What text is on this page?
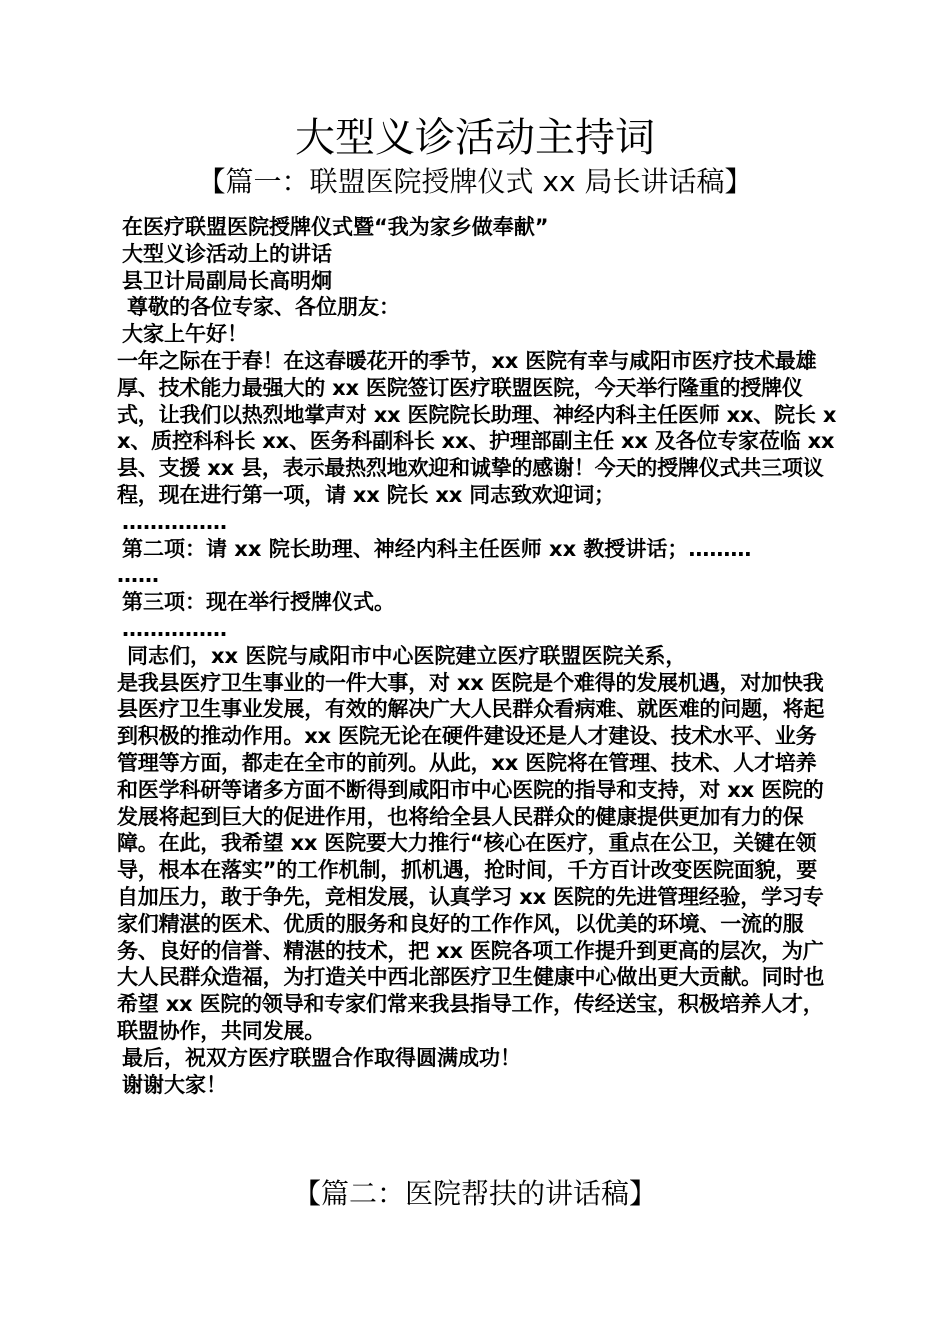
大型义诊活动主持词
【篇一：联盟医院授牌仪式 xx 局长讲话稿】

在医疗联盟医院授牌仪式暨“我为家乡做奉献”

大型义诊活动上的讲话

县卫计局副局长高明炯

尊敬的各位专家、各位朋友：

大家上午好！

一年之际在于春！在这春暖花开的季节，xx 医院有幸与咸阳市医疗技术最雄厚、技术能力最强大的 xx 医院签订医疗联盟医院，今天举行隆重的授牌仪式，让我们以热烈地掌声对 xx 医院院长助理、神经内科主任医师 xx、院长 xx、质控科科长 xx、医务科副科长 xx、护理部副主任 xx 及各位专家莅临 xx 县、支援 xx 县，表示最热烈地欢迎和诚挚的感谢！今天的授牌仪式共三项议程，现在进行第一项，请 xx 院长 xx 同志致欢迎词；

……………

第二项：请 xx 院长助理、神经内科主任医师 xx 教授讲话；………

……

第三项：现在举行授牌仪式。

……………

同志们，xx 医院与咸阳市中心医院建立医疗联盟医院关系，

是我县医疗卫生事业的一件大事，对 xx 医院是个难得的发展机遇，对加快我县医疗卫生事业发展，有效的解决广大人民群众看病难、就医难的问题，将起到积极的推动作用。xx 医院无论在硬件建设还是人才建设、技术水平、业务管理等方面，都走在全市的前列。从此，xx 医院将在管理、技术、人才培养和医学科研等诸多方面不断得到咸阳市中心医院的指导和支持，对 xx 医院的发展将起到巨大的促进作用，也将给全县人民群众的健康提供更加有力的保障。在此，我希望 xx 医院要大力推行“核心在医疗，重点在公卫，关键在领导，根本在落实”的工作机制，抓机遇，抢时间，千方百计改变医院面貌，要自加压力，敢于争先，竞相发展，认真学习 xx 医院的先进管理经验，学习专家们精湛的医术、优质的服务和良好的工作作风，以优美的环境、一流的服务、良好的信誉、精湛的技术，把 xx 医院各项工作提升到更高的层次，为广大人民群众造福，为打造关中西北部医疗卫生健康中心做出更大贡献。同时也希望 xx 医院的领导和专家们常来我县指导工作，传经送宝，积极培养人才，联盟协作，共同发展。

最后，祝双方医疗联盟合作取得圆满成功！

谢谢大家！

【篇二：医院帮扶的讲话稿】
